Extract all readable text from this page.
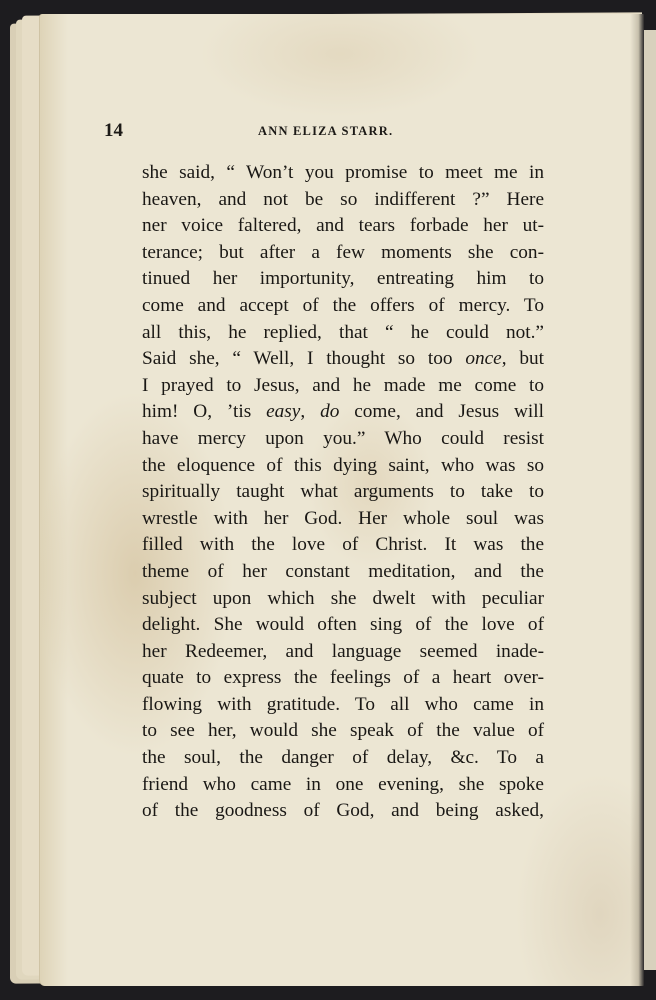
14	ANN ELIZA STARR.
she said, “ Won’t you promise to meet me in
heaven, and not be so indifferent ?” Here
ner voice faltered, and tears forbade her ut-
terance; but after a few moments she con-
tinued her importunity, entreating him to
come and accept of the offers of mercy. To
all this, he replied, that “ he could not.”
Said she, “ Well, I thought so too once, but
I prayed to Jesus, and he made me come to
him! O, ’tis easy, do come, and Jesus will
have mercy upon you.” Who could resist
the eloquence of this dying saint, who was so
spiritually taught what arguments to take to
wrestle with her God. Her whole soul was
filled with the love of Christ. It was the
theme of her constant meditation, and the
subject upon which she dwelt with peculiar
delight. She would often sing of the love of
her Redeemer, and language seemed inade-
quate to express the feelings of a heart over-
flowing with gratitude. To all who came in
to see her, would she speak of the value of
the soul, the danger of delay, &c. To a
friend who came in one evening, she spoke
of the goodness of God, and being asked,
